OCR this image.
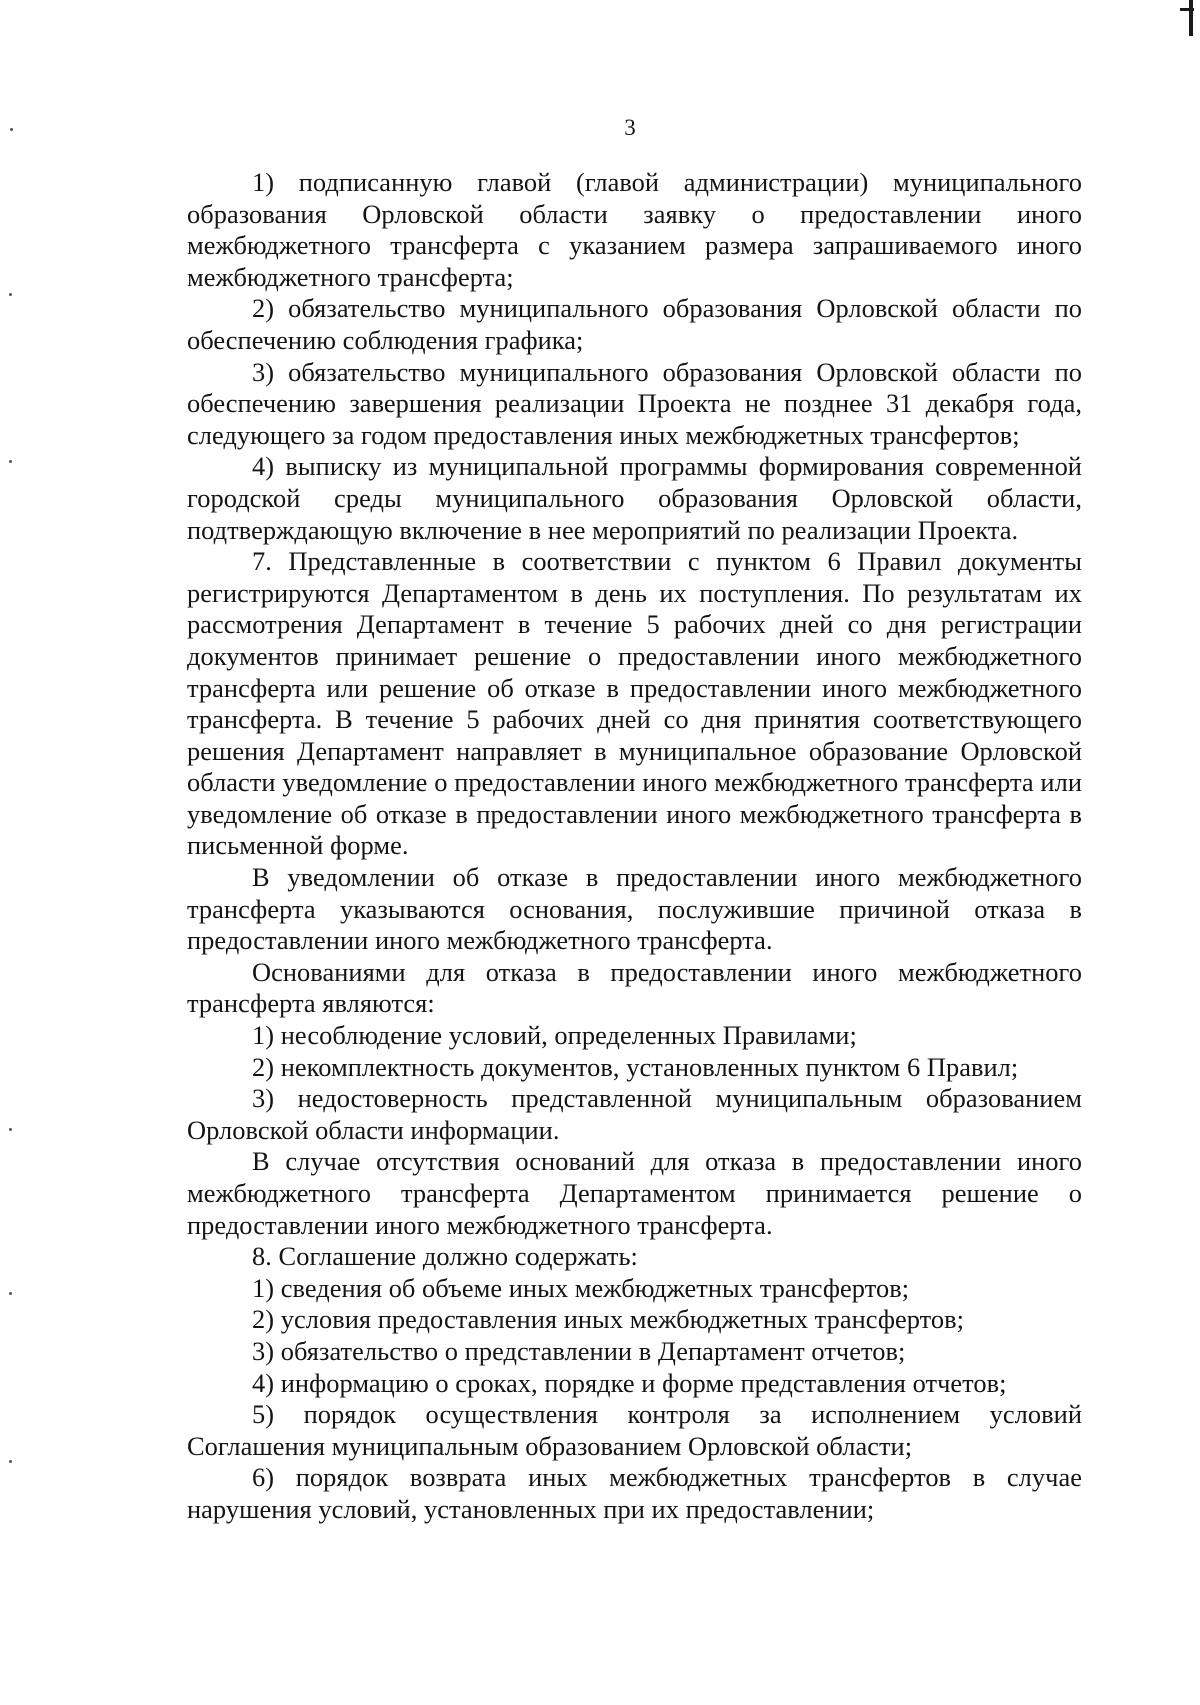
3

1) подписанную главой (главой администрации) муниципального образования Орловской области заявку о предоставлении иного межбюджетного трансферта с указанием размера запрашиваемого иного межбюджетного трансферта;

2) обязательство муниципального образования Орловской области по обеспечению соблюдения графика;

3) обязательство муниципального образования Орловской области по обеспечению завершения реализации Проекта не позднее 31 декабря года, следующего за годом предоставления иных межбюджетных трансфертов;

4) выписку из муниципальной программы формирования современной городской среды муниципального образования Орловской области, подтверждающую включение в нее мероприятий по реализации Проекта.

7. Представленные в соответствии с пунктом 6 Правил документы регистрируются Департаментом в день их поступления. По результатам их рассмотрения Департамент в течение 5 рабочих дней со дня регистрации документов принимает решение о предоставлении иного межбюджетного трансферта или решение об отказе в предоставлении иного межбюджетного трансферта. В течение 5 рабочих дней со дня принятия соответствующего решения Департамент направляет в муниципальное образование Орловской области уведомление о предоставлении иного межбюджетного трансферта или уведомление об отказе в предоставлении иного межбюджетного трансферта в письменной форме.

В уведомлении об отказе в предоставлении иного межбюджетного трансферта указываются основания, послужившие причиной отказа в предоставлении иного межбюджетного трансферта.

Основаниями для отказа в предоставлении иного межбюджетного трансферта являются:

1) несоблюдение условий, определенных Правилами;

2) некомплектность документов, установленных пунктом 6 Правил;

3) недостоверность представленной муниципальным образованием Орловской области информации.

В случае отсутствия оснований для отказа в предоставлении иного межбюджетного трансферта Департаментом принимается решение о предоставлении иного межбюджетного трансферта.

8. Соглашение должно содержать:

1) сведения об объеме иных межбюджетных трансфертов;

2) условия предоставления иных межбюджетных трансфертов;

3) обязательство о представлении в Департамент отчетов;

4) информацию о сроках, порядке и форме представления отчетов;

5) порядок осуществления контроля за исполнением условий Соглашения муниципальным образованием Орловской области;

6) порядок возврата иных межбюджетных трансфертов в случае нарушения условий, установленных при их предоставлении;
